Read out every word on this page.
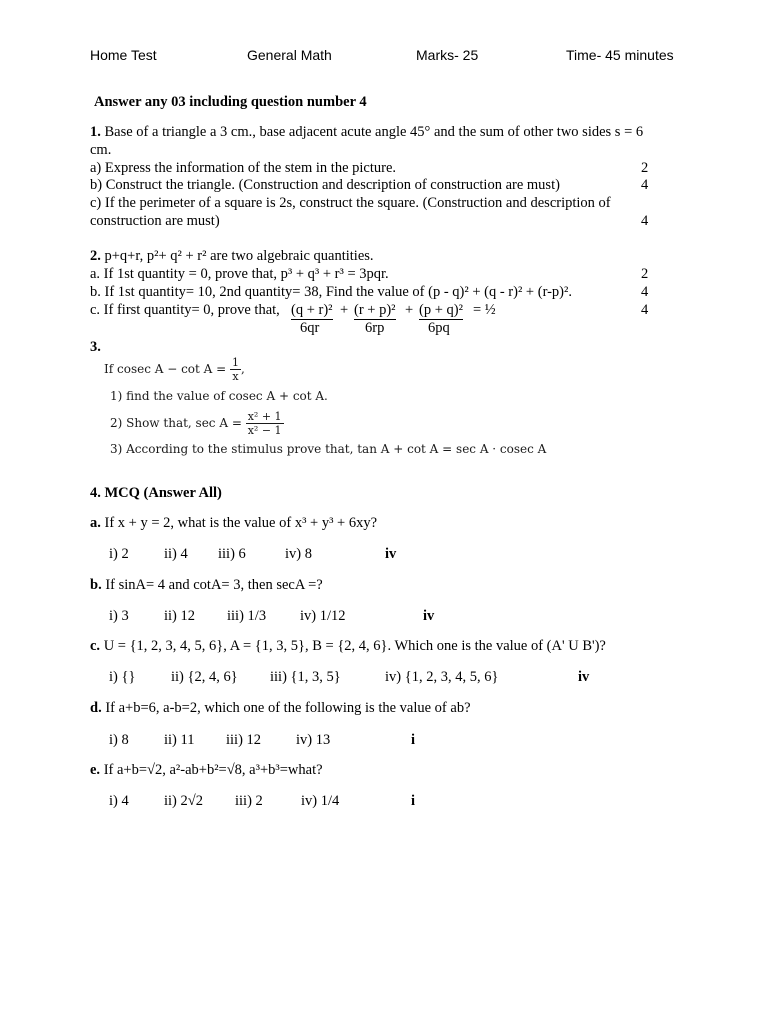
Home Test	General Math	Marks- 25	Time- 45 minutes
Answer any 03 including question number 4
1. Base of a triangle a 3 cm., base adjacent acute angle 45° and the sum of other two sides s = 6
cm.
a) Express the information of the stem in the picture.	2
b) Construct the triangle. (Construction and description of construction are must)	4
c) If the perimeter of a square is 2s, construct the square. (Construction and description of
construction are must)	4
2. p+q+r, p²+ q² + r² are two algebraic quantities.
a. If 1st quantity = 0, prove that, p³ + q³ + r³ = 3pqr.	2
b. If 1st quantity= 10, 2nd quantity= 38, Find the value of (p - q)² + (q - r)² + (r-p)².	4
c. If first quantity= 0, prove that, (q + r)² + (r + p)² + (p + q)² = ½	4
6qr	6rp	6pq
3.
If cosec $A - \cot A = \frac{1}{x}$ ,
1) find the value of cosec A + cot A.
2) Show that, $\sec A = \frac{\text{x² + 1}}{\text{x² − 1}}$
3) According to the stimulus prove that, tan A + cot A = sec A · cosec A
4. MCQ (Answer All)
a. If x + y = 2, what is the value of x³ + y³ + 6xy?
i) 2 ii) 4 iii) 6	iv) 8	iv
b. If sinA= 4 and cotA= 3, then secA =?
i) 3 ii) 12 iii) 1/3 iv) 1/12	iv
c. U = {1, 2, 3, 4, 5, 6}, A = {1, 3, 5}, B = {2, 4, 6}. Which one is the value of (A' U B')?
i) {} ii) {2, 4, 6} iii) {1, 3, 5}	iv) {1, 2, 3, 4, 5, 6}	iv
d. If a+b=6, a-b=2, which one of the following is the value of ab?
i) 8 ii) 11 iii) 12 iv) 13	i
e. If a+b=√2, a²-ab+b²=√8, a³+b³=what?
i) 4 ii) 2√2 iii) 2	iv) 1/4	i
